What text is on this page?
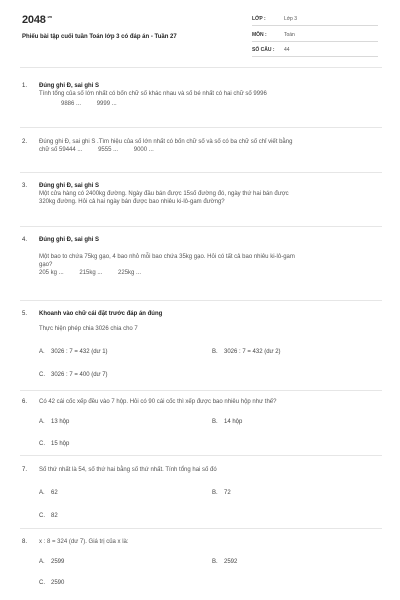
$2048^{.vn}$
Phiếu bài tập cuối tuần Toán lớp 3 có đáp án - Tuần 27
LỚP :	Lớp 3
MÔN :	Toán
SỐ CÂU : 44
1. Đúng ghi Đ, sai ghi S
Tính tổng của số lớn nhất có bốn chữ số khác nhau và số bé nhất có hai chữ số 9996
9886 ...	9999 ...
2. Đúng ghi Đ, sai ghi S .Tìm hiệu của số lớn nhất có bốn chữ số và số có ba chữ số chỉ viết bằng
chữ số 59444 ...	9555 ...	9000 ...
3. Đúng ghi Đ, sai ghi S
Một cửa hàng có 2400kg đường. Ngày đầu bán được 15số đường đó, ngày thứ hai bán được
320kg đường. Hỏi cả hai ngày bán được bao nhiêu ki-lô-gam đường?
4. Đúng ghi Đ, sai ghi S
Một bao to chứa 75kg gạo, 4 bao nhỏ mỗi bao chứa 35kg gạo. Hỏi có tất cả bao nhiêu ki-lô-gam
gạo?
205 kg ...	215kg ...	225kg ...
5. Khoanh vào chữ cái đặt trước đáp án đúng
Thực hiện phép chia 3026 chia cho 7
A. 3026 : 7 = 432 (dư 1)	B. 3026 : 7 = 432 (dư 2)
C. 3026 : 7 = 400 (dư 7)
6. Có 42 cái cốc xếp đều vào 7 hộp. Hỏi có 90 cái cốc thì xếp được bao nhiêu hộp như thế?
A. 13 hộp	B. 14 hộp
C. 15 hộp
7. Số thứ nhất là 54, số thứ hai bằng số thứ nhất. Tính tổng hai số đó
A. 62	B. 72
C. 82
8. x : 8 = 324 (dư 7). Giá trị của x là:
A. 2599	B. 2592
C. 2590
